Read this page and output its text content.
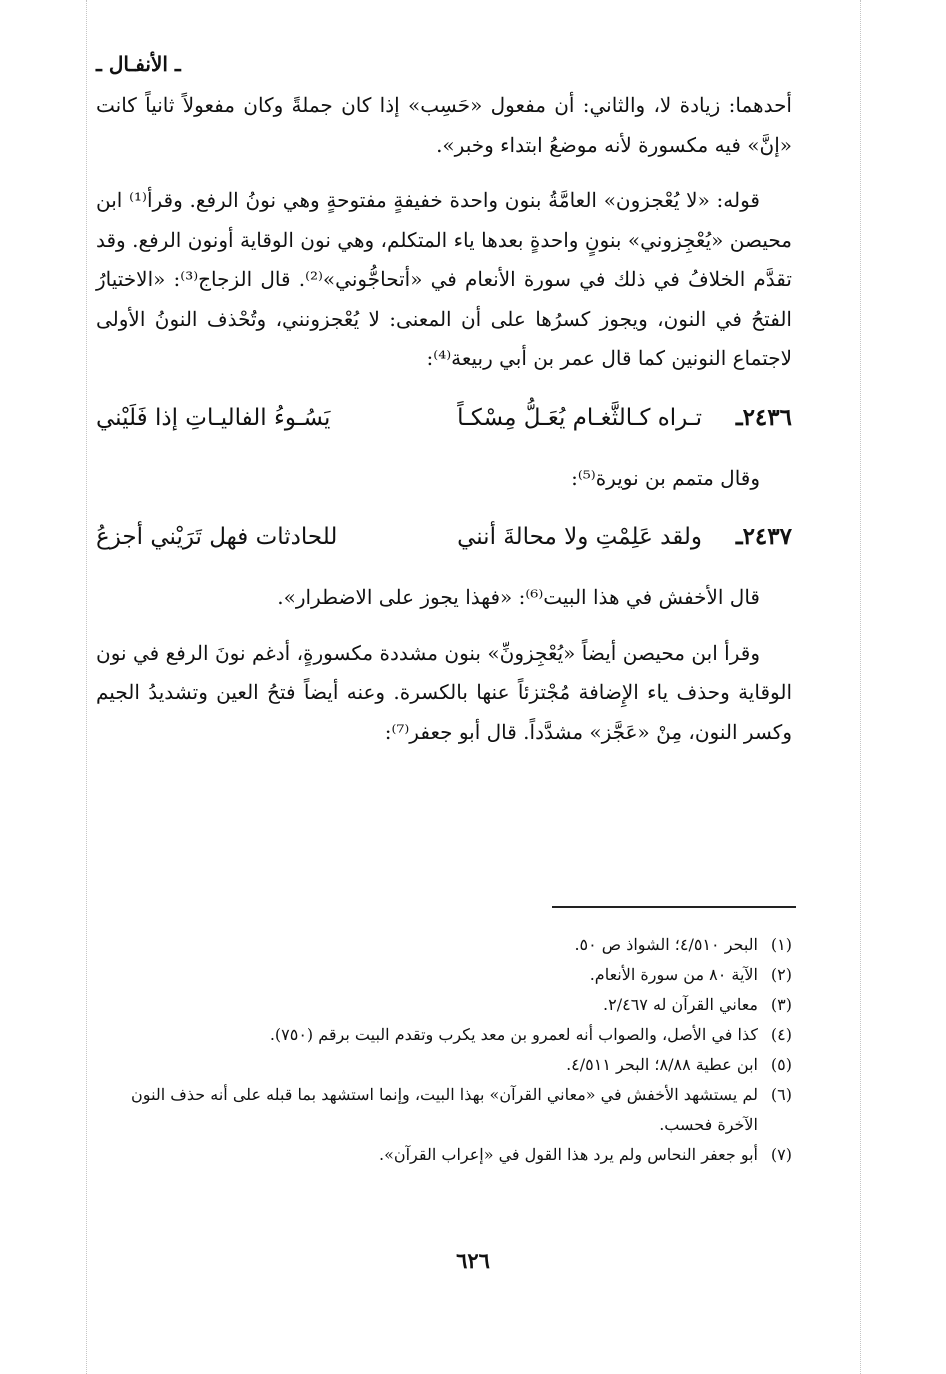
ـ الأنفـال ـ

أحدهما: زيادة لا، والثاني: أن مفعول «حَسِب» إذا كان جملةً وكان مفعولاً ثانياً كانت «إنَّ» فيه مكسورة لأنه موضعُ ابتداء وخبر».

قوله: «لا يُعْجزون» العامَّةُ بنون واحدة خفيفةٍ مفتوحةٍ وهي نونُ الرفع. وقرأ⁽¹⁾ ابن محيصن «يُعْجِزوني» بنونٍ واحدةٍ بعدها ياء المتكلم، وهي نون الوقاية أونون الرفع. وقد تقدَّم الخلافُ في ذلك في سورة الأنعام في «أتحاجُّوني»⁽²⁾. قال الزجاج⁽³⁾: «الاختيارُ الفتحُ في النون، ويجوز كسرُها على أن المعنى: لا يُعْجزونني، وتُحْذف النونُ الأولى لاجتماع النونين كما قال عمر بن أبي ربيعة⁽⁴⁾:

٢٤٣٦ـ
تـراه كـالثَّغـام يُعَـلُّ مِسْكـاً
يَسُـوءُ الفاليـاتِ إذا فَلَيْني

وقال متمم بن نويرة⁽⁵⁾:

٢٤٣٧ـ
ولقد عَلِمْتِ ولا محالةَ أنني
للحادثات فهل تَرَيْني أجزعُ

قال الأخفش في هذا البيت⁽⁶⁾: «فهذا يجوز على الاضطرار».

وقرأ ابن محيصن أيضاً «يُعْجِزونِّ» بنون مشددة مكسورةٍ، أدغم نونَ الرفع في نون الوقاية وحذف ياء الإِضافة مُجْتزئاً عنها بالكسرة. وعنه أيضاً فتحُ العين وتشديدُ الجيم وكسر النون، مِنْ «عَجَّز» مشدَّداً. قال أبو جعفر⁽⁷⁾:

(١)
البحر ٤/٥١٠؛ الشواذ ص ٥٠.
(٢)
الآية ٨٠ من سورة الأنعام.
(٣)
معاني القرآن له ٢/٤٦٧.
(٤)
كذا في الأصل، والصواب أنه لعمرو بن معد يكرب وتقدم البيت برقم (٧٥٠).
(٥)
ابن عطية ٨/٨٨؛ البحر ٤/٥١١.
(٦)
لم يستشهد الأخفش في «معاني القرآن» بهذا البيت، وإنما استشهد بما قبله على أنه حذف النون الآخرة فحسب.
(٧)
أبو جعفر النحاس ولم يرد هذا القول في «إعراب القرآن».
٦٢٦
